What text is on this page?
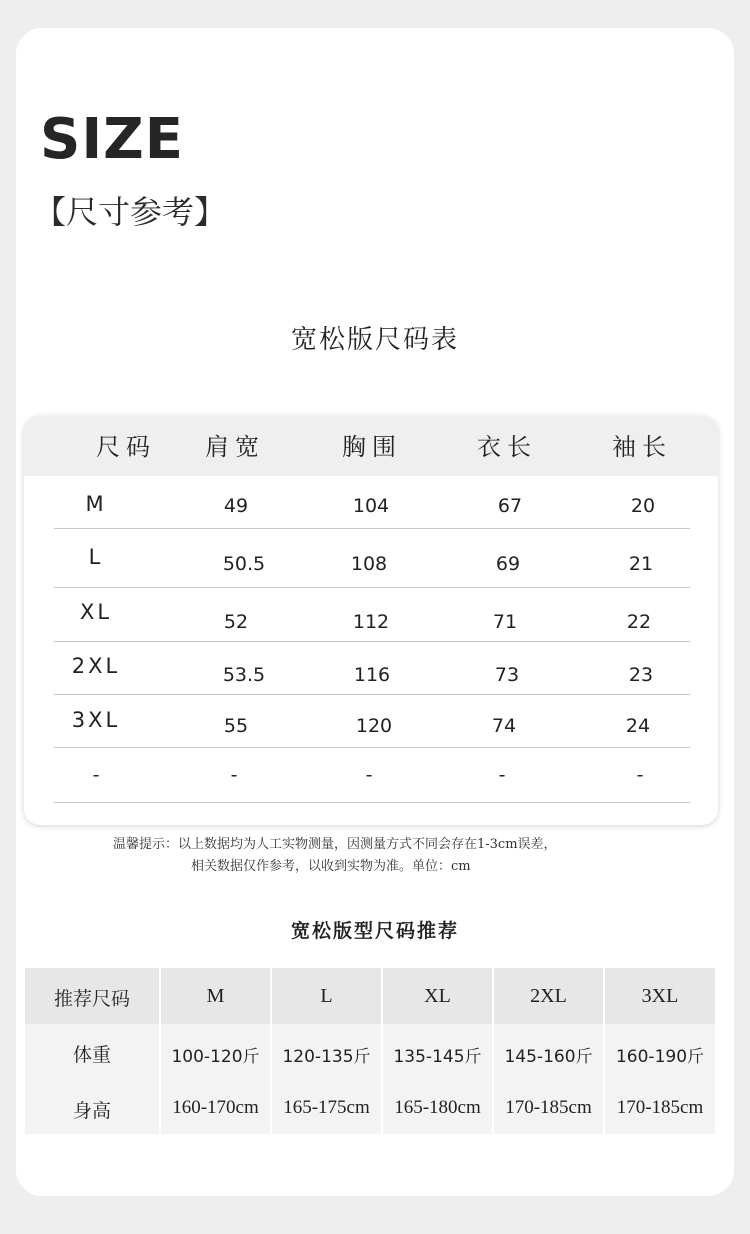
SIZE
【尺寸参考】
宽松版尺码表
尺码	肩宽	胸围	衣长	袖长
M	49	104	67	20
L	50.5	108	69	21
XL	52	112	71	22
2XL	53.5	116	73	23
3XL	55	120	74	24
-	-	-	-	-
温馨提示：以上数据均为人工实物测量，因测量方式不同会存在1-3cm误差，
相关数据仅作参考，以收到实物为准。单位：cm
宽松版型尺码推荐
推荐尺码	M	L	XL	2XL	3XL
体重	100-120斤	120-135斤	135-145斤	145-160斤	160-190斤
身高	160-170cm	165-175cm	165-180cm	170-185cm	170-185cm
